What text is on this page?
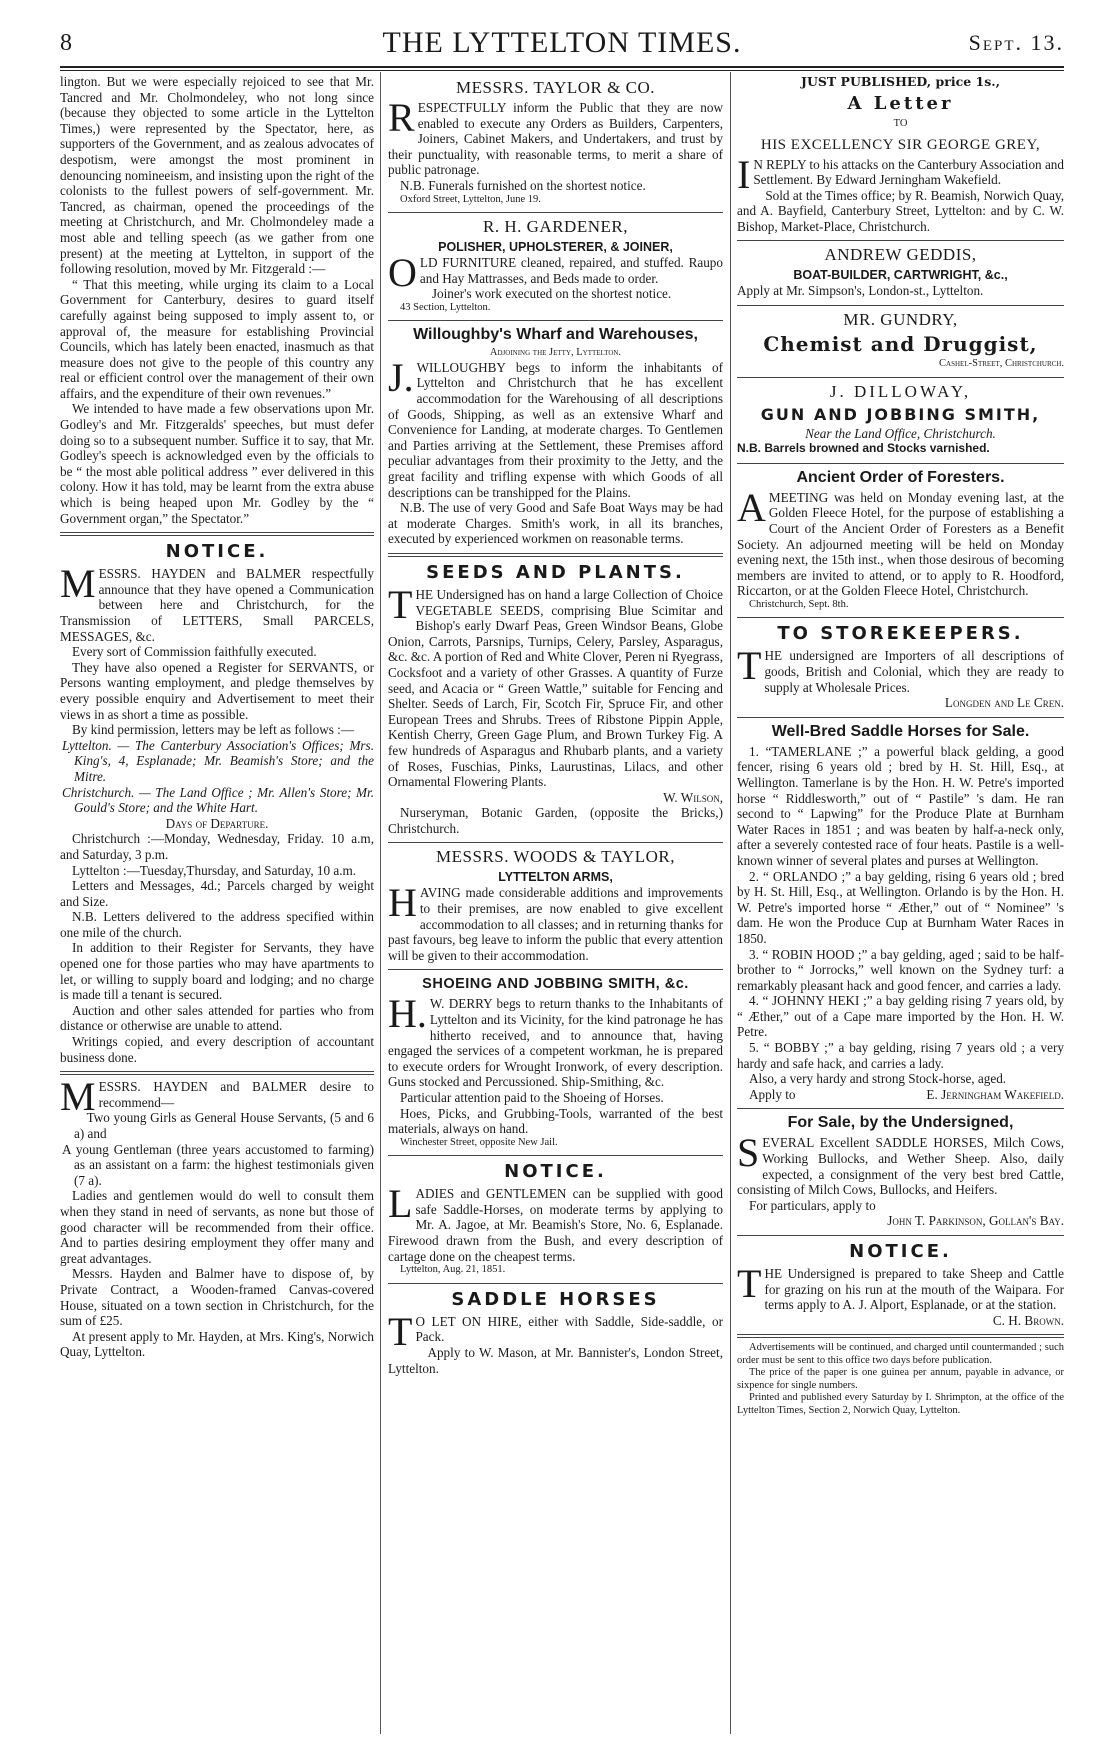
8	THE LYTTELTON TIMES.	Sept. 13.

lington. But we were especially rejoiced to see that Mr. Tancred and Mr. Cholmondeley, who not long since (because they objected to some article in the Lyttelton Times,) were represented by the Spectator, here, as supporters of the Government, and as zealous advocates of despotism, were amongst the most prominent in denouncing nomineeism, and insisting upon the right of the colonists to the fullest powers of self-government. Mr. Tancred, as chairman, opened the proceedings of the meeting at Christchurch, and Mr. Cholmondeley made a most able and telling speech (as we gather from one present) at the meeting at Lyttelton, in support of the following resolution, moved by Mr. Fitzgerald :—

“ That this meeting, while urging its claim to a Local Government for Canterbury, desires to guard itself carefully against being supposed to imply assent to, or approval of, the measure for establishing Provincial Councils, which has lately been enacted, inasmuch as that measure does not give to the people of this country any real or efficient control over the management of their own affairs, and the expenditure of their own revenues.”

We intended to have made a few observations upon Mr. Godley's and Mr. Fitzgeralds' speeches, but must defer doing so to a subsequent number. Suffice it to say, that Mr. Godley's speech is acknowledged even by the officials to be “ the most able political address ” ever delivered in this colony. How it has told, may be learnt from the extra abuse which is being heaped upon Mr. Godley by the “ Government organ,” the Spectator.”

NOTICE.

MESSRS. HAYDEN and BALMER respectfully announce that they have opened a Communication between here and Christchurch, for the Transmission of LETTERS, Small PARCELS, MESSAGES, &c.

Every sort of Commission faithfully executed.

They have also opened a Register for SERVANTS, or Persons wanting employment, and pledge themselves by every possible enquiry and Advertisement to meet their views in as short a time as possible.

By kind permission, letters may be left as follows :—

Lyttelton. — The Canterbury Association's Offices; Mrs. King's, 4, Esplanade; Mr. Beamish's Store; and the Mitre.

Christchurch. — The Land Office ; Mr. Allen's Store; Mr. Gould's Store; and the White Hart.

Days of Departure.

Christchurch :—Monday, Wednesday, Friday. 10 a.m, and Saturday, 3 p.m.

Lyttelton :—Tuesday,Thursday, and Saturday, 10 a.m.

Letters and Messages, 4d.; Parcels charged by weight and Size.

N.B. Letters delivered to the address specified within one mile of the church.

In addition to their Register for Servants, they have opened one for those parties who may have apartments to let, or willing to supply board and lodging; and no charge is made till a tenant is secured.

Auction and other sales attended for parties who from distance or otherwise are unable to attend.

Writings copied, and every description of accountant business done.

MESSRS. HAYDEN and BALMER desire to recommend—

Two young Girls as General House Servants, (5 and 6 a) and

A young Gentleman (three years accustomed to farming) as an assistant on a farm: the highest testimonials given (7 a).

Ladies and gentlemen would do well to consult them when they stand in need of servants, as none but those of good character will be recommended from their office. And to parties desiring employment they offer many and great advantages.

Messrs. Hayden and Balmer have to dispose of, by Private Contract, a Wooden-framed Canvas-covered House, situated on a town section in Christchurch, for the sum of £25.

At present apply to Mr. Hayden, at Mrs. King's, Norwich Quay, Lyttelton.

MESSRS. TAYLOR & CO.

RESPECTFULLY inform the Public that they are now enabled to execute any Orders as Builders, Carpenters, Joiners, Cabinet Makers, and Undertakers, and trust by their punctuality, with reasonable terms, to merit a share of public patronage.

N.B. Funerals furnished on the shortest notice.

Oxford Street, Lyttelton, June 19.

R. H. GARDENER,
POLISHER, UPHOLSTERER, & JOINER,

OLD FURNITURE cleaned, repaired, and stuffed. Raupo and Hay Mattrasses, and Beds made to order.

Joiner's work executed on the shortest notice.

43 Section, Lyttelton.

Willoughby's Wharf and Warehouses,

Adjoining the Jetty, Lyttelton.

J. WILLOUGHBY begs to inform the inhabitants of Lyttelton and Christchurch that he has excellent accommodation for the Warehousing of all descriptions of Goods, Shipping, as well as an extensive Wharf and Convenience for Landing, at moderate charges. To Gentlemen and Parties arriving at the Settlement, these Premises afford peculiar advantages from their proximity to the Jetty, and the great facility and trifling expense with which Goods of all descriptions can be transhipped for the Plains.

N.B. The use of very Good and Safe Boat Ways may be had at moderate Charges. Smith's work, in all its branches, executed by experienced workmen on reasonable terms.

SEEDS AND PLANTS.

THE Undersigned has on hand a large Collection of Choice VEGETABLE SEEDS, comprising Blue Scimitar and Bishop's early Dwarf Peas, Green Windsor Beans, Globe Onion, Carrots, Parsnips, Turnips, Celery, Parsley, Asparagus, &c. &c. A portion of Red and White Clover, Peren ni Ryegrass, Cocksfoot and a variety of other Grasses. A quantity of Furze seed, and Acacia or “ Green Wattle,” suitable for Fencing and Shelter. Seeds of Larch, Fir, Scotch Fir, Spruce Fir, and other European Trees and Shrubs. Trees of Ribstone Pippin Apple, Kentish Cherry, Green Gage Plum, and Brown Turkey Fig. A few hundreds of Asparagus and Rhubarb plants, and a variety of Roses, Fuschias, Pinks, Laurustinas, Lilacs, and other Ornamental Flowering Plants.

W. Wilson,

Nurseryman, Botanic Garden, (opposite the Bricks,) Christchurch.

MESSRS. WOODS & TAYLOR,
LYTTELTON ARMS,

HAVING made considerable additions and improvements to their premises, are now enabled to give excellent accommodation to all classes; and in returning thanks for past favours, beg leave to inform the public that every attention will be given to their accommodation.

SHOEING AND JOBBING SMITH, &c.

H. W. DERRY begs to return thanks to the Inhabitants of Lyttelton and its Vicinity, for the kind patronage he has hitherto received, and to announce that, having engaged the services of a competent workman, he is prepared to execute orders for Wrought Ironwork, of every description. Guns stocked and Percussioned. Ship-Smithing, &c.

Particular attention paid to the Shoeing of Horses.

Hoes, Picks, and Grubbing-Tools, warranted of the best materials, always on hand.

Winchester Street, opposite New Jail.

NOTICE.

LADIES and GENTLEMEN can be supplied with good safe Saddle-Horses, on moderate terms by applying to Mr. A. Jagoe, at Mr. Beamish's Store, No. 6, Esplanade. Firewood drawn from the Bush, and every description of cartage done on the cheapest terms.

Lyttelton, Aug. 21, 1851.

SADDLE HORSES

T O LET ON HIRE, either with Saddle, Side-saddle, or Pack.

Apply to W. Mason, at Mr. Bannister's, London Street, Lyttelton.

JUST PUBLISHED, price 1s.,
A Letter

TO

HIS EXCELLENCY SIR GEORGE GREY,

I N REPLY to his attacks on the Canterbury Association and Settlement. By Edward Jerningham Wakefield.

Sold at the Times office; by R. Beamish, Norwich Quay, and A. Bayfield, Canterbury Street, Lyttelton: and by C. W. Bishop, Market-Place, Christchurch.

ANDREW GEDDIS,
BOAT-BUILDER, CARTWRIGHT, &c.,

Apply at Mr. Simpson's, London-st., Lyttelton.

MR. GUNDRY,
Chemist and Druggist,

Cashel-Street, Christchurch.

J. DILLOWAY,
GUN AND JOBBING SMITH,

Near the Land Office, Christchurch.

N.B. Barrels browned and Stocks varnished.

Ancient Order of Foresters.

AMEETING was held on Monday evening last, at the Golden Fleece Hotel, for the purpose of establishing a Court of the Ancient Order of Foresters as a Benefit Society. An adjourned meeting will be held on Monday evening next, the 15th inst., when those desirous of becoming members are invited to attend, or to apply to R. Hoodford, Riccarton, or at the Golden Fleece Hotel, Christchurch.

Christchurch, Sept. 8th.

TO STOREKEEPERS.

THE undersigned are Importers of all descriptions of goods, British and Colonial, which they are ready to supply at Wholesale Prices.

Longden and Le Cren.

Well-Bred Saddle Horses for Sale.

1. “TAMERLANE ;” a powerful black gelding, a good fencer, rising 6 years old ; bred by H. St. Hill, Esq., at Wellington. Tamerlane is by the Hon. H. W. Petre's imported horse “ Riddlesworth,” out of “ Pastile” 's dam. He ran second to “ Lapwing” for the Produce Plate at Burnham Water Races in 1851 ; and was beaten by half-a-neck only, after a severely contested race of four heats. Pastile is a well-known winner of several plates and purses at Wellington.

2. “ ORLANDO ;” a bay gelding, rising 6 years old ; bred by H. St. Hill, Esq., at Wellington. Orlando is by the Hon. H. W. Petre's imported horse “ Æther,” out of “ Nominee” 's dam. He won the Produce Cup at Burnham Water Races in 1850.

3. “ ROBIN HOOD ;” a bay gelding, aged ; said to be half-brother to “ Jorrocks,” well known on the Sydney turf: a remarkably pleasant hack and good fencer, and carries a lady.

4. “ JOHNNY HEKI ;” a bay gelding rising 7 years old, by “ Æther,” out of a Cape mare imported by the Hon. H. W. Petre.

5. “ BOBBY ;” a bay gelding, rising 7 years old ; a very hardy and safe hack, and carries a lady.

Also, a very hardy and strong Stock-horse, aged.

Apply to	E. Jerningham Wakefield.
For Sale, by the Undersigned,

SEVERAL Excellent SADDLE HORSES, Milch Cows, Working Bullocks, and Wether Sheep. Also, daily expected, a consignment of the very best bred Cattle, consisting of Milch Cows, Bullocks, and Heifers.

For particulars, apply to

John T. Parkinson, Gollan's Bay.

NOTICE.

THE Undersigned is prepared to take Sheep and Cattle for grazing on his run at the mouth of the Waipara. For terms apply to A. J. Alport, Esplanade, or at the station.

C. H. Brown.

Advertisements will be continued, and charged until countermanded ; such order must be sent to this office two days before publication.

The price of the paper is one guinea per annum, payable in advance, or sixpence for single numbers.

Printed and published every Saturday by I. Shrimpton, at the office of the Lyttelton Times, Section 2, Norwich Quay, Lyttelton.
